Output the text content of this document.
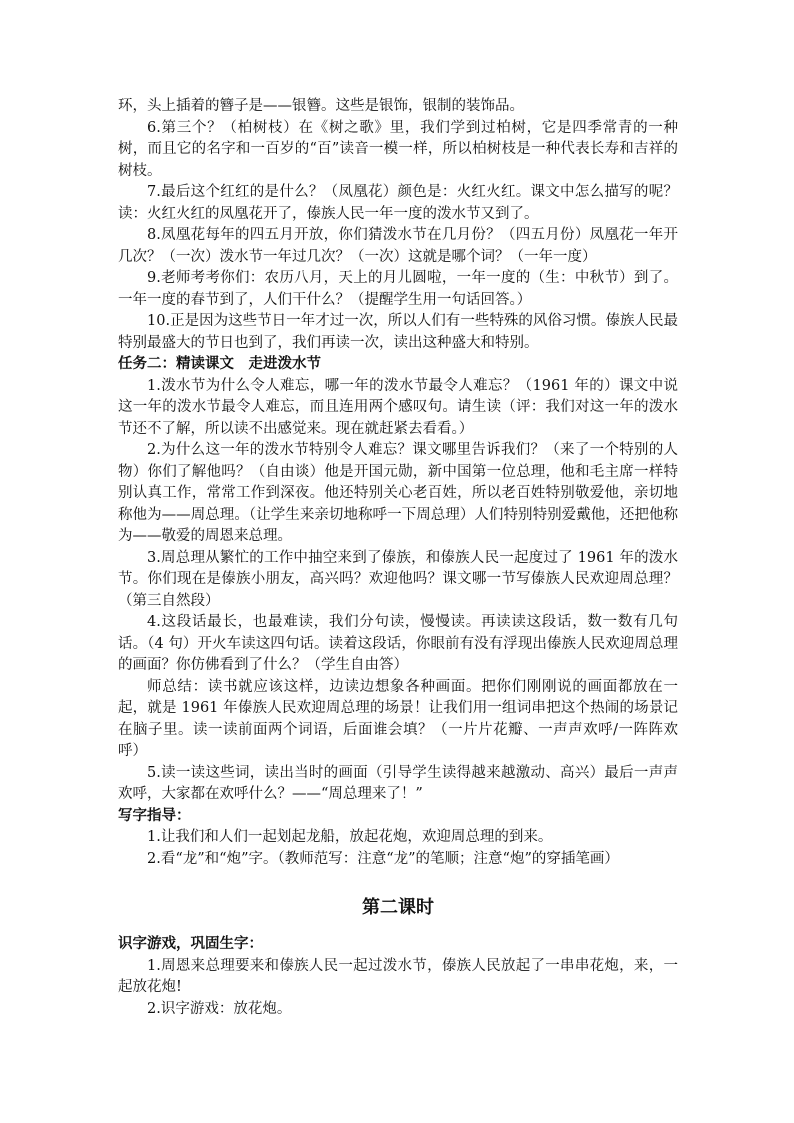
环，头上插着的簪子是——银簪。这些是银饰，银制的装饰品。

6.第三个？（柏树枝）在《树之歌》里，我们学到过柏树，它是四季常青的一种树，而且它的名字和一百岁的“百”读音一模一样，所以柏树枝是一种代表长寿和吉祥的树枝。

7.最后这个红红的是什么？（凤凰花）颜色是：火红火红。课文中怎么描写的呢？读：火红火红的凤凰花开了，傣族人民一年一度的泼水节又到了。

8.凤凰花每年的四五月开放，你们猜泼水节在几月份？（四五月份）凤凰花一年开几次？（一次）泼水节一年过几次？（一次）这就是哪个词？（一年一度）

9.老师考考你们：农历八月，天上的月儿圆啦，一年一度的（生：中秋节）到了。一年一度的春节到了，人们干什么？（提醒学生用一句话回答。）

10.正是因为这些节日一年才过一次，所以人们有一些特殊的风俗习惯。傣族人民最特别最盛大的节日也到了，我们再读一次，读出这种盛大和特别。

任务二：精读课文　走进泼水节

1.泼水节为什么令人难忘，哪一年的泼水节最令人难忘？（1961 年的）课文中说这一年的泼水节最令人难忘，而且连用两个感叹句。请生读（评：我们对这一年的泼水节还不了解，所以读不出感觉来。现在就赶紧去看看。）

2.为什么这一年的泼水节特别令人难忘？课文哪里告诉我们？（来了一个特别的人物）你们了解他吗？（自由谈）他是开国元勋，新中国第一位总理，他和毛主席一样特别认真工作，常常工作到深夜。他还特别关心老百姓，所以老百姓特别敬爱他，亲切地称他为——周总理。（让学生来亲切地称呼一下周总理）人们特别特别爱戴他，还把他称为——敬爱的周恩来总理。

3.周总理从繁忙的工作中抽空来到了傣族，和傣族人民一起度过了 1961 年的泼水节。你们现在是傣族小朋友，高兴吗？欢迎他吗？课文哪一节写傣族人民欢迎周总理？（第三自然段）

4.这段话最长，也最难读，我们分句读，慢慢读。再读读这段话，数一数有几句话。（4 句）开火车读这四句话。读着这段话，你眼前有没有浮现出傣族人民欢迎周总理的画面？你仿佛看到了什么？（学生自由答）

师总结：读书就应该这样，边读边想象各种画面。把你们刚刚说的画面都放在一起，就是 1961 年傣族人民欢迎周总理的场景！让我们用一组词串把这个热闹的场景记在脑子里。读一读前面两个词语，后面谁会填？（一片片花瓣、一声声欢呼/一阵阵欢呼）

5.读一读这些词，读出当时的画面（引导学生读得越来越激动、高兴）最后一声声欢呼，大家都在欢呼什么？——“周总理来了！”

写字指导：

1.让我们和人们一起划起龙船，放起花炮，欢迎周总理的到来。

2.看“龙”和“炮”字。（教师范写：注意“龙”的笔顺；注意“炮”的穿插笔画）

第二课时
识字游戏，巩固生字：

1.周恩来总理要来和傣族人民一起过泼水节，傣族人民放起了一串串花炮，来，一起放花炮!

2.识字游戏：放花炮。
